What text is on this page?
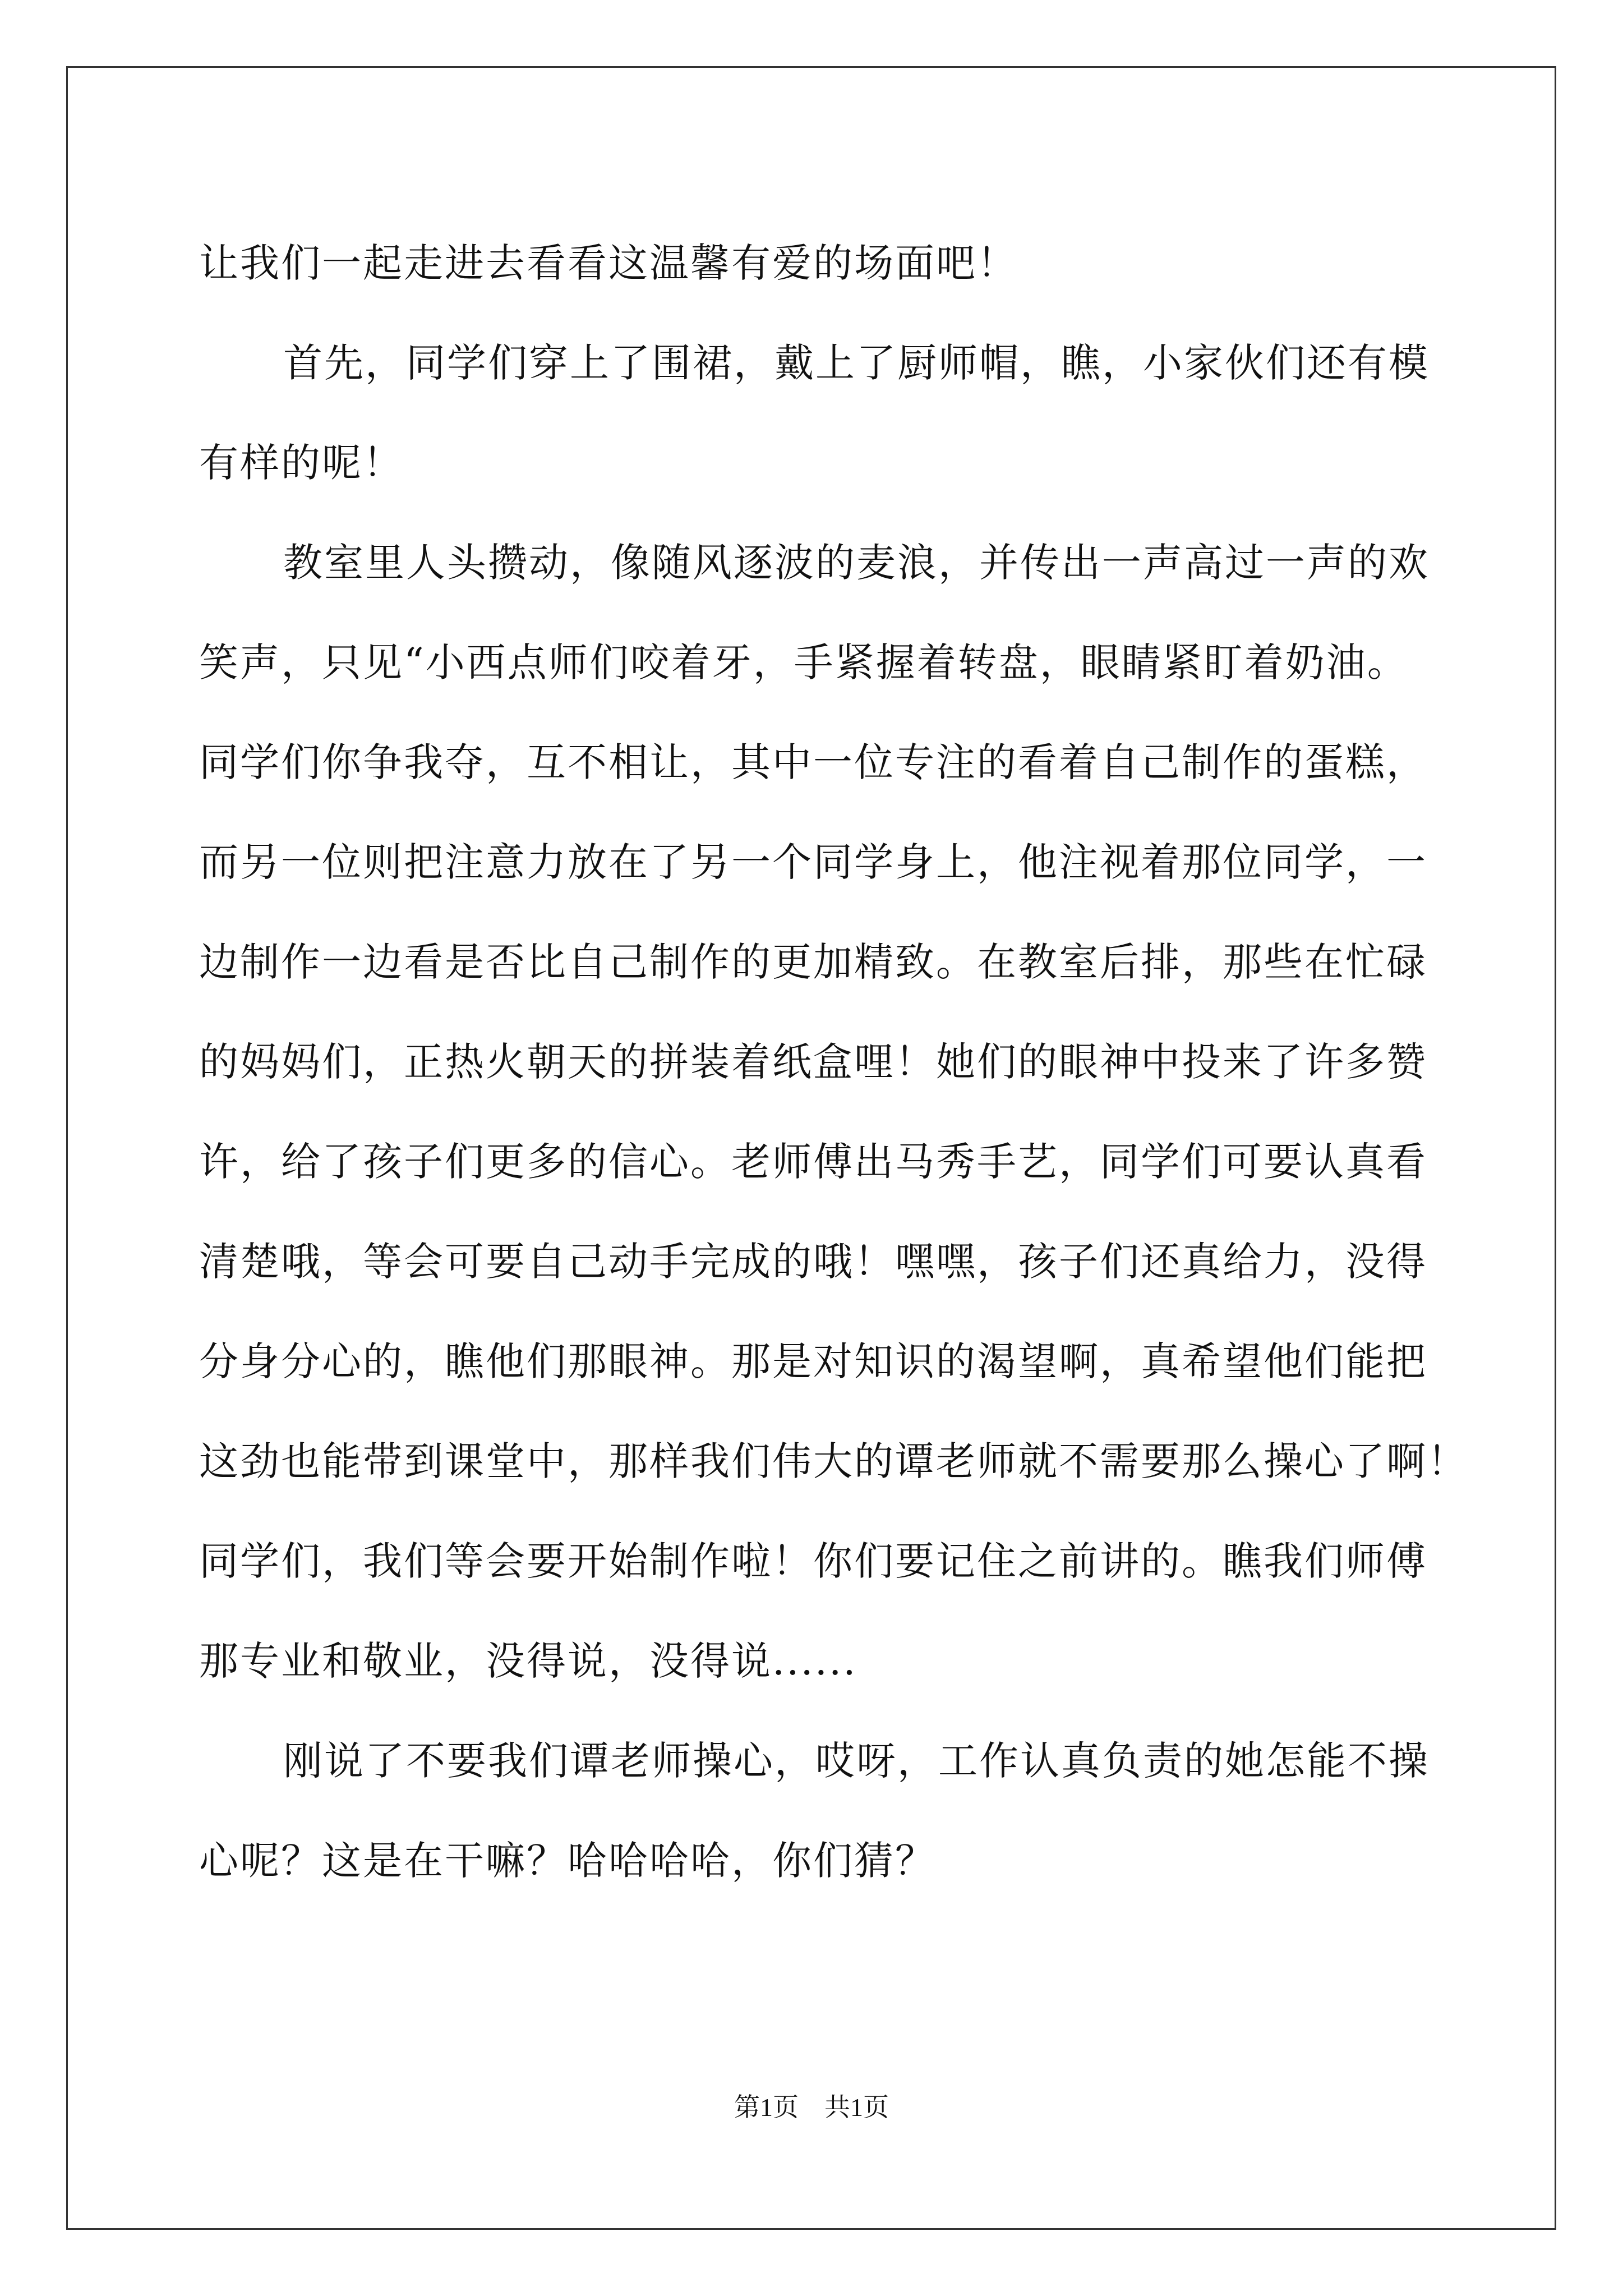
让我们一起走进去看看这温馨有爱的场面吧！
首先，同学们穿上了围裙，戴上了厨师帽，瞧，小家伙们还有模
有样的呢！
教室里人头攒动，像随风逐波的麦浪，并传出一声高过一声的欢
笑声，只见“小西点师们咬着牙，手紧握着转盘，眼睛紧盯着奶油。
同学们你争我夺，互不相让，其中一位专注的看着自己制作的蛋糕，
而另一位则把注意力放在了另一个同学身上，他注视着那位同学，一
边制作一边看是否比自己制作的更加精致。在教室后排，那些在忙碌
的妈妈们，正热火朝天的拼装着纸盒哩！她们的眼神中投来了许多赞
许，给了孩子们更多的信心。老师傅出马秀手艺，同学们可要认真看
清楚哦，等会可要自己动手完成的哦！嘿嘿，孩子们还真给力，没得
分身分心的，瞧他们那眼神。那是对知识的渴望啊，真希望他们能把
这劲也能带到课堂中，那样我们伟大的谭老师就不需要那么操心了啊！
同学们，我们等会要开始制作啦！你们要记住之前讲的。瞧我们师傅
那专业和敬业，没得说，没得说......
刚说了不要我们谭老师操心，哎呀，工作认真负责的她怎能不操
心呢？这是在干嘛？哈哈哈哈，你们猜？
第1页　共1页
